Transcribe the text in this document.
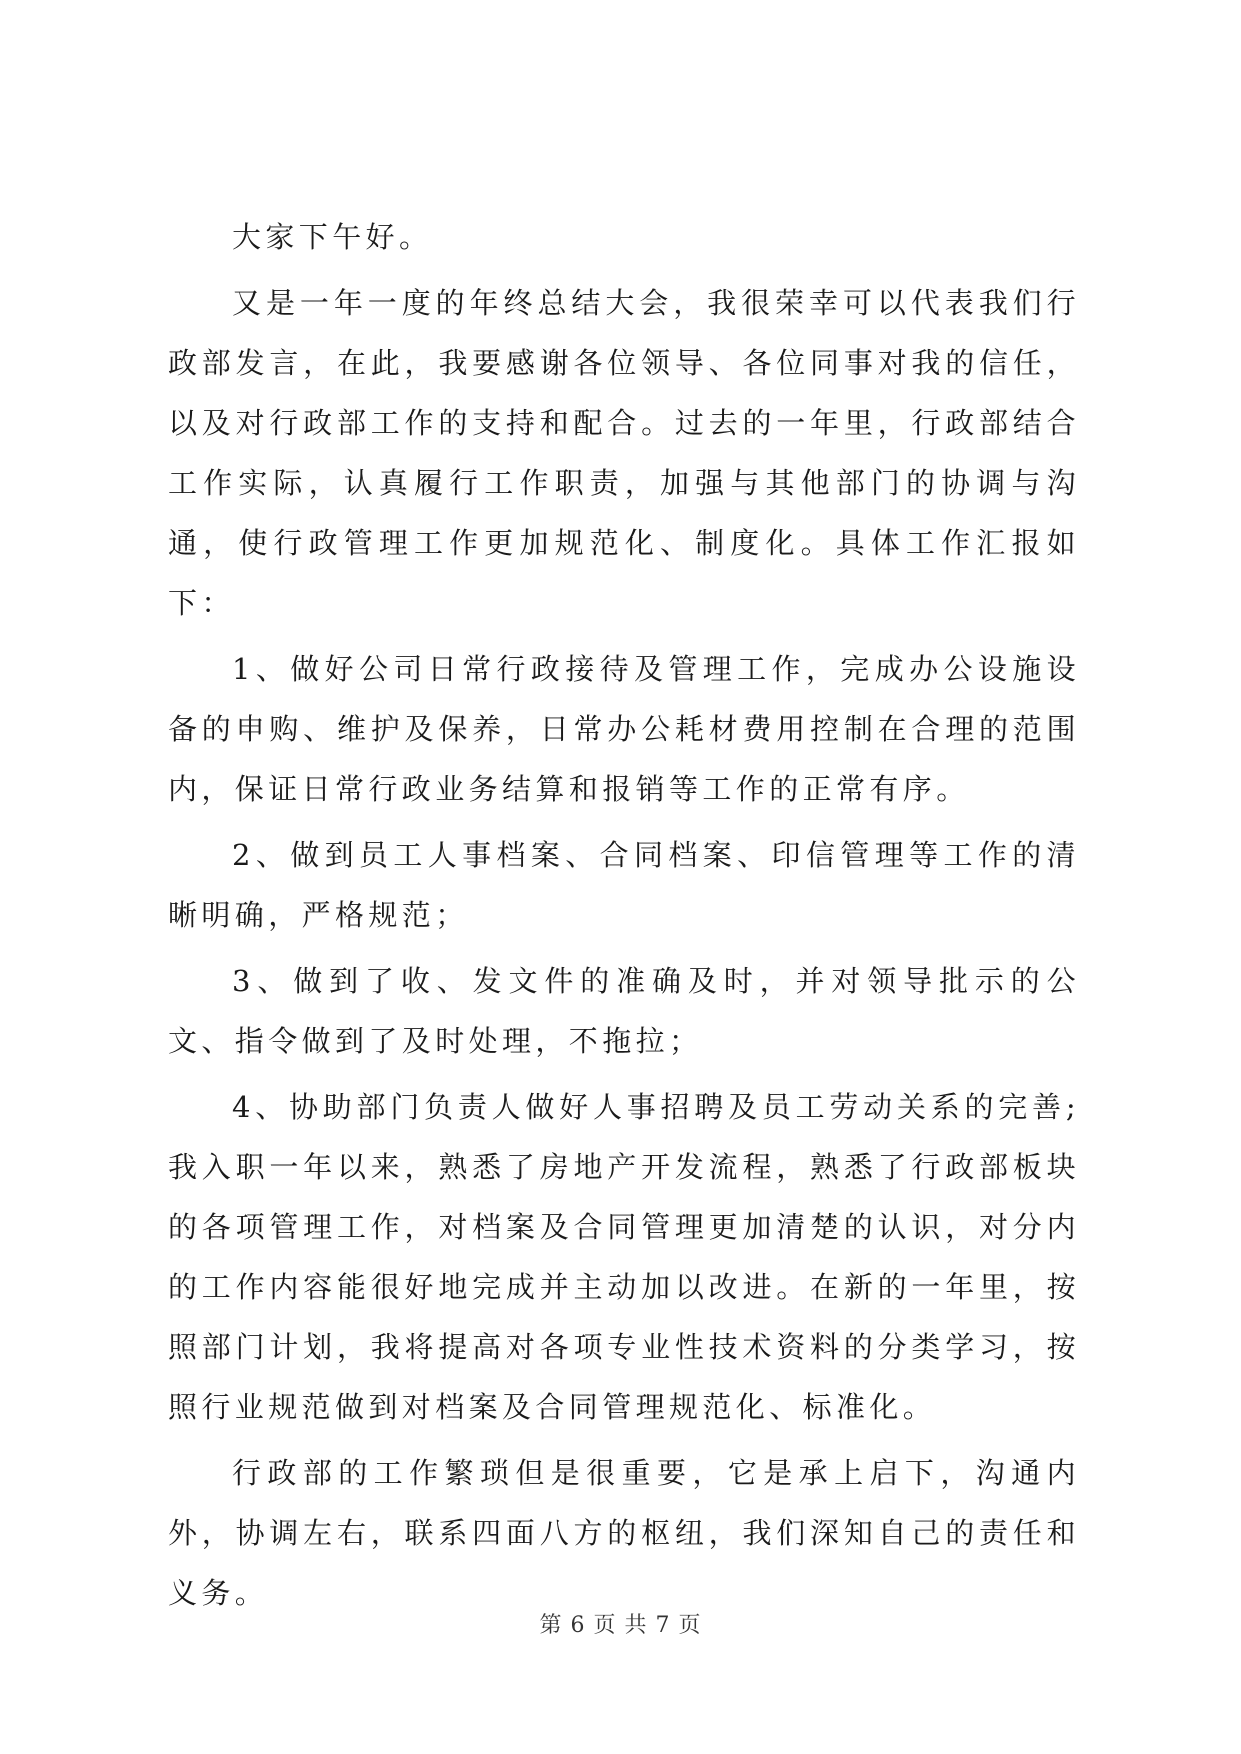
大家下午好。

又是一年一度的年终总结大会，我很荣幸可以代表我们行政部发言，在此，我要感谢各位领导、各位同事对我的信任，以及对行政部工作的支持和配合。过去的一年里，行政部结合工作实际，认真履行工作职责，加强与其他部门的协调与沟通，使行政管理工作更加规范化、制度化。具体工作汇报如下：

1、做好公司日常行政接待及管理工作，完成办公设施设备的申购、维护及保养，日常办公耗材费用控制在合理的范围内，保证日常行政业务结算和报销等工作的正常有序。

2、做到员工人事档案、合同档案、印信管理等工作的清晰明确，严格规范；

3、做到了收、发文件的准确及时，并对领导批示的公文、指令做到了及时处理，不拖拉；

4、协助部门负责人做好人事招聘及员工劳动关系的完善;我入职一年以来，熟悉了房地产开发流程，熟悉了行政部板块的各项管理工作，对档案及合同管理更加清楚的认识，对分内的工作内容能很好地完成并主动加以改进。在新的一年里，按照部门计划，我将提高对各项专业性技术资料的分类学习，按照行业规范做到对档案及合同管理规范化、标准化。

行政部的工作繁琐但是很重要，它是承上启下，沟通内外，协调左右，联系四面八方的枢纽，我们深知自己的责任和义务。

第 6 页 共 7 页
